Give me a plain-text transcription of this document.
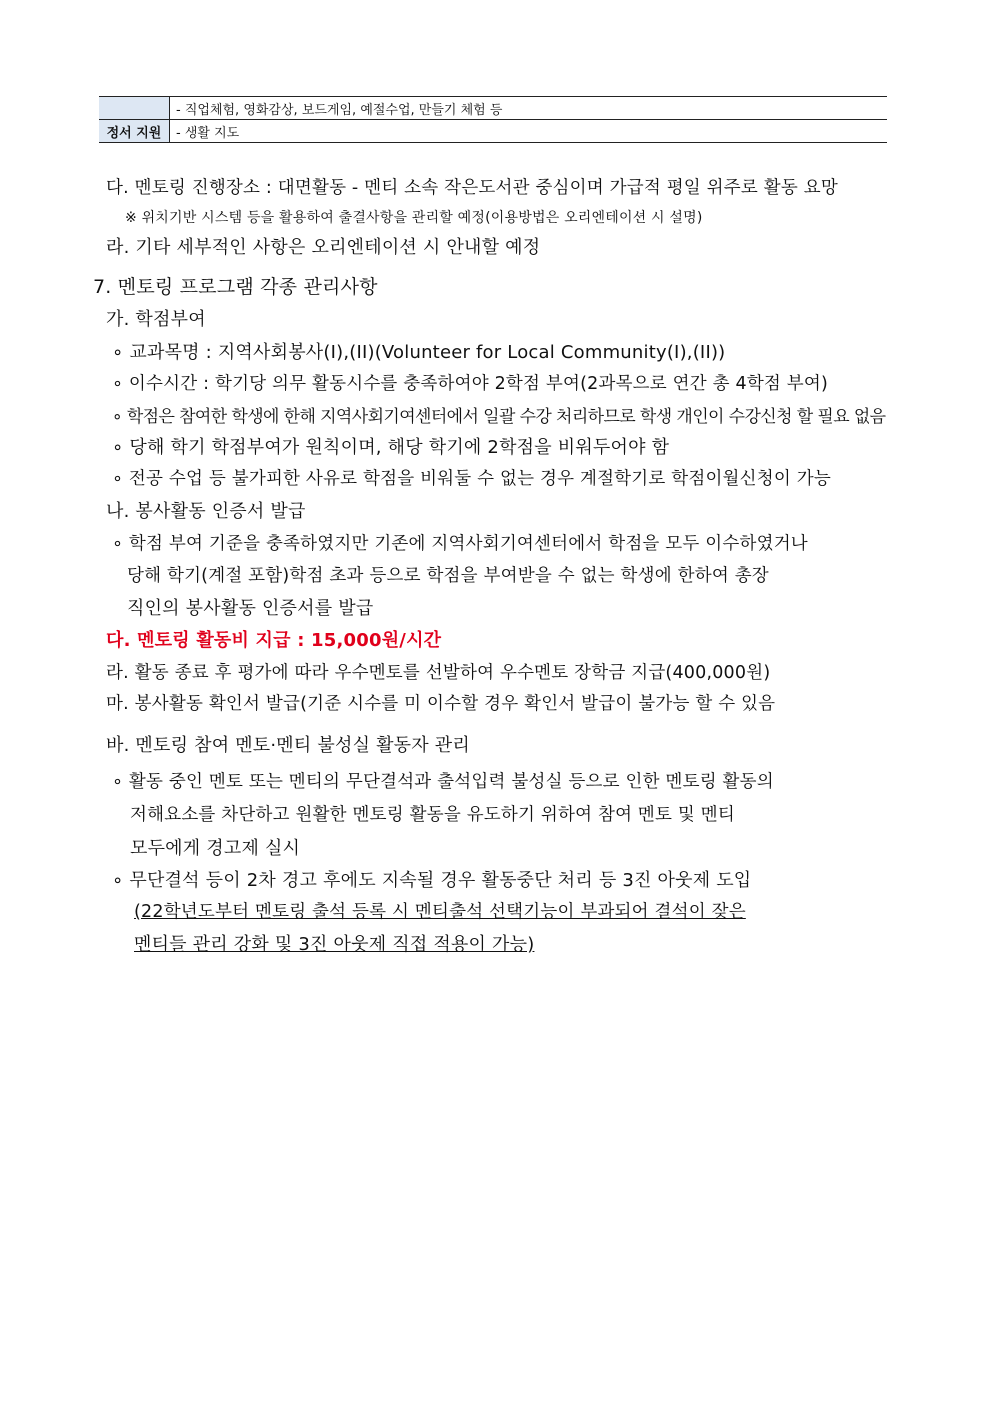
	- 직업체험, 영화감상, 보드게임, 예절수업, 만들기 체험 등
정서 지원	- 생활 지도
다. 멘토링 진행장소 : 대면활동 - 멘티 소속 작은도서관 중심이며 가급적 평일 위주로 활동 요망
※ 위치기반 시스템 등을 활용하여 출결사항을 관리할 예정(이용방법은 오리엔테이션 시 설명)
라. 기타 세부적인 사항은 오리엔테이션 시 안내할 예정
7. 멘토링 프로그램 각종 관리사항
가. 학점부여
∘ 교과목명 : 지역사회봉사(I),(II)(Volunteer for Local Community(I),(II))
∘ 이수시간 : 학기당 의무 활동시수를 충족하여야 2학점 부여(2과목으로 연간 총 4학점 부여)
∘ 학점은 참여한 학생에 한해 지역사회기여센터에서 일괄 수강 처리하므로 학생 개인이 수강신청 할 필요 없음
∘ 당해 학기 학점부여가 원칙이며, 해당 학기에 2학점을 비워두어야 함
∘ 전공 수업 등 불가피한 사유로 학점을 비워둘 수 없는 경우 계절학기로 학점이월신청이 가능
나. 봉사활동 인증서 발급
∘ 학점 부여 기준을 충족하였지만 기존에 지역사회기여센터에서 학점을 모두 이수하였거나
당해 학기(계절 포함)학점 초과 등으로 학점을 부여받을 수 없는 학생에 한하여 총장
직인의 봉사활동 인증서를 발급
다. 멘토링 활동비 지급 : 15,000원/시간
라. 활동 종료 후 평가에 따라 우수멘토를 선발하여 우수멘토 장학금 지급(400,000원)
마. 봉사활동 확인서 발급(기준 시수를 미 이수할 경우 확인서 발급이 불가능 할 수 있음
바. 멘토링 참여 멘토·멘티 불성실 활동자 관리
∘ 활동 중인 멘토 또는 멘티의 무단결석과 출석입력 불성실 등으로 인한 멘토링 활동의
저해요소를 차단하고 원활한 멘토링 활동을 유도하기 위하여 참여 멘토 및 멘티
모두에게 경고제 실시
∘ 무단결석 등이 2차 경고 후에도 지속될 경우 활동중단 처리 등 3진 아웃제 도입
(22학년도부터 멘토링 출석 등록 시 멘티출석 선택기능이 부과되어 결석이 잦은
멘티들 관리 강화 및 3진 아웃제 직접 적용이 가능)
